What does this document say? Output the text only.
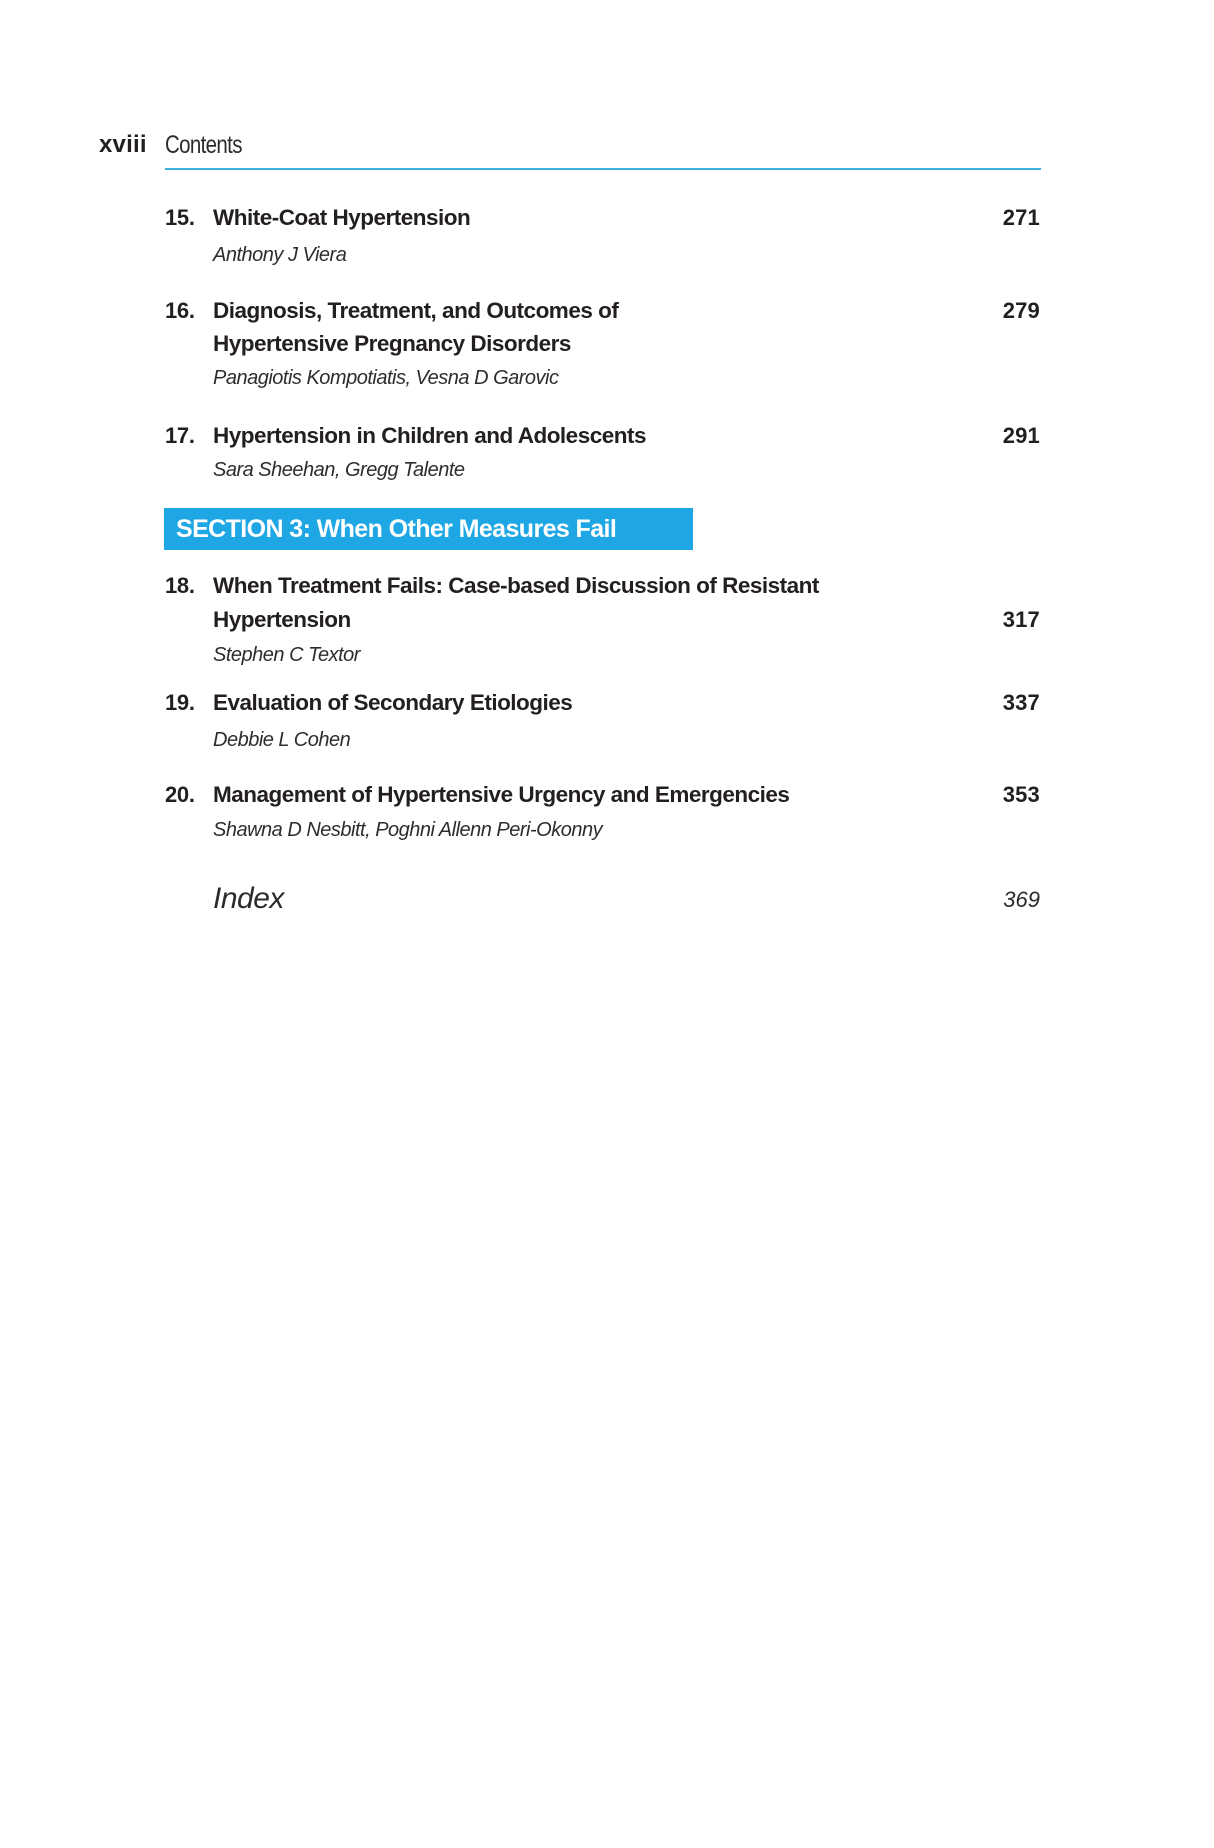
xviii Contents
15. White-Coat Hypertension
Anthony J Viera
271
16. Diagnosis, Treatment, and Outcomes of
Hypertensive Pregnancy Disorders
Panagiotis Kompotiatis, Vesna D Garovic
279
17. Hypertension in Children and Adolescents
Sara Sheehan, Gregg Talente
291
SECTION 3: When Other Measures Fail
18. When Treatment Fails: Case-based Discussion of Resistant
Hypertension
Stephen C Textor
317
19. Evaluation of Secondary Etiologies
Debbie L Cohen
337
20. Management of Hypertensive Urgency and Emergencies
Shawna D Nesbitt, Poghni Allenn Peri-Okonny
353
Index	369
